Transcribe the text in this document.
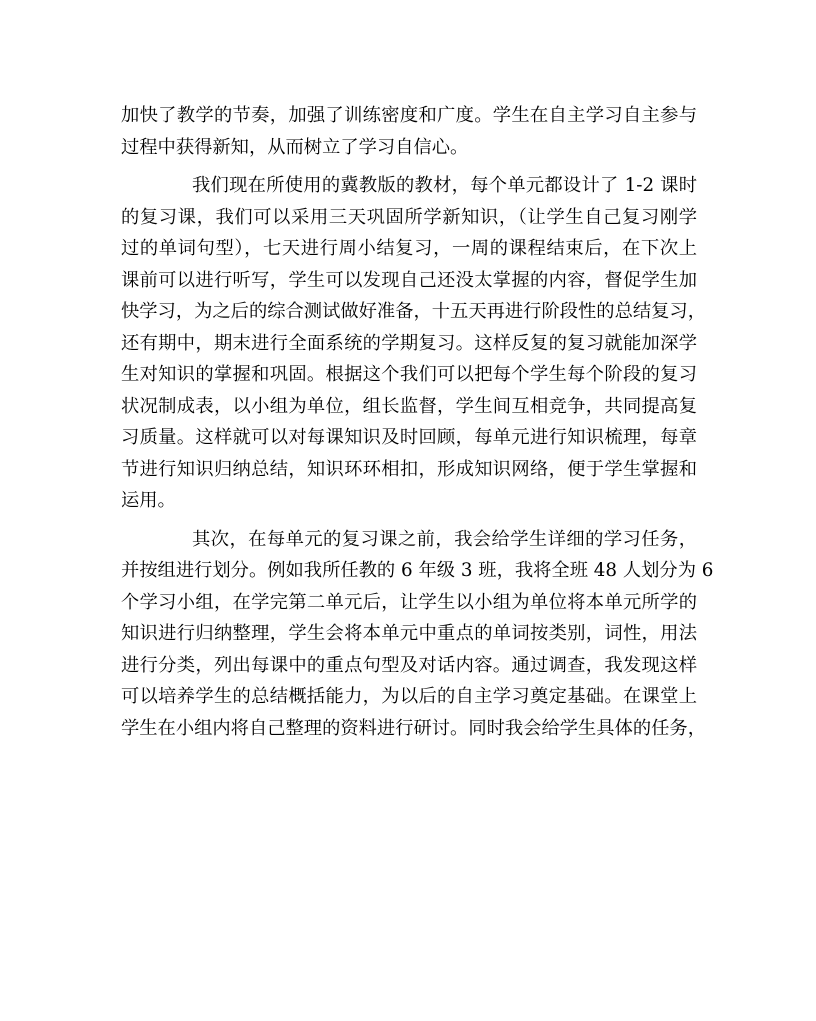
加快了教学的节奏，加强了训练密度和广度。学生在自主学习自主参与
过程中获得新知，从而树立了学习自信心。
我们现在所使用的冀教版的教材，每个单元都设计了 1-2 课时
的复习课，我们可以采用三天巩固所学新知识，（让学生自己复习刚学
过的单词句型），七天进行周小结复习，一周的课程结束后，在下次上
课前可以进行听写，学生可以发现自己还没太掌握的内容，督促学生加
快学习，为之后的综合测试做好准备，十五天再进行阶段性的总结复习，
还有期中，期末进行全面系统的学期复习。这样反复的复习就能加深学
生对知识的掌握和巩固。根据这个我们可以把每个学生每个阶段的复习
状况制成表，以小组为单位，组长监督，学生间互相竞争，共同提高复
习质量。这样就可以对每课知识及时回顾，每单元进行知识梳理，每章
节进行知识归纳总结，知识环环相扣，形成知识网络，便于学生掌握和
运用。
其次，在每单元的复习课之前，我会给学生详细的学习任务，
并按组进行划分。例如我所任教的 6 年级 3 班，我将全班 48 人划分为 6
个学习小组，在学完第二单元后，让学生以小组为单位将本单元所学的
知识进行归纳整理，学生会将本单元中重点的单词按类别，词性，用法
进行分类，列出每课中的重点句型及对话内容。通过调查，我发现这样
可以培养学生的总结概括能力，为以后的自主学习奠定基础。在课堂上
学生在小组内将自己整理的资料进行研讨。同时我会给学生具体的任务，
